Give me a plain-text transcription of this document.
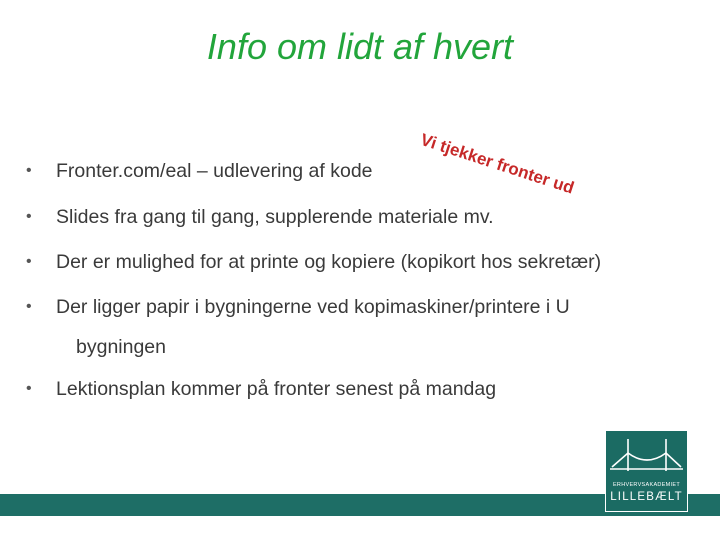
Info om lidt af hvert
Vi tjekker fronter ud
• Fronter.com/eal – udlevering af kode
• Slides fra gang til gang, supplerende materiale mv.
• Der er mulighed for at printe og kopiere (kopikort hos sekretær)
• Der ligger papir i bygningerne ved kopimaskiner/printere i U
• Lektionsplan kommer på fronter senest på mandag
bygningen
ERHVERVSAKADEMIET
LILLEBÆLT
